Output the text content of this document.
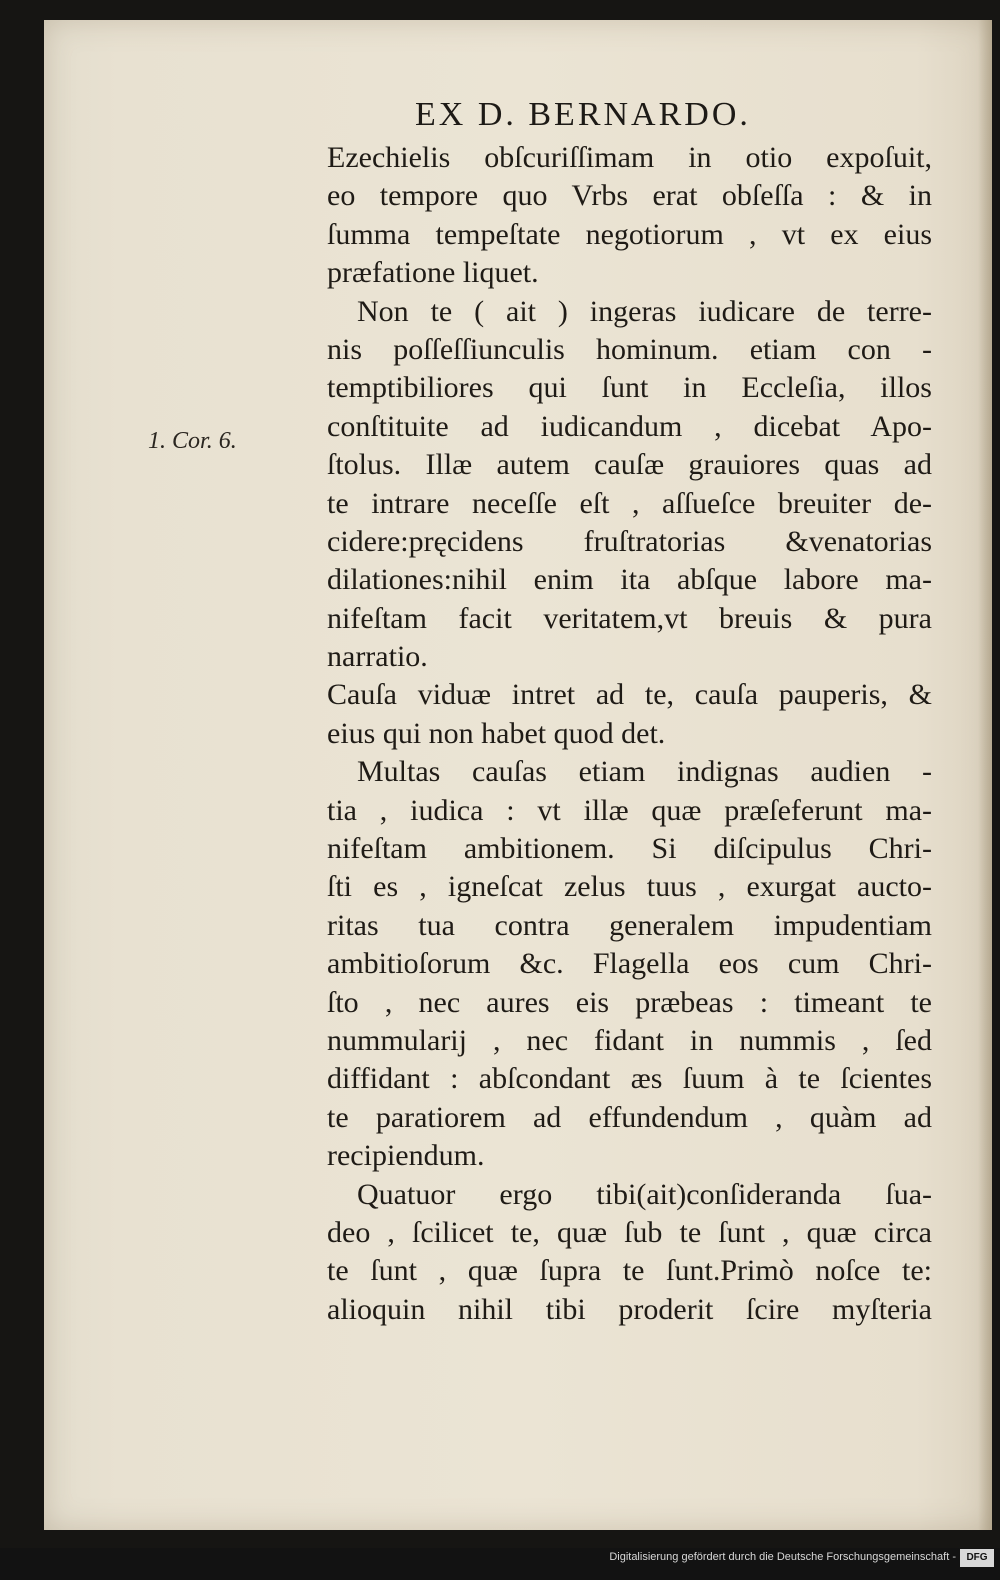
EX D. BERNARDO.
1. Cor. 6.
Ezechielis obſcuriſſimam in otio expoſuit,
eo tempore quo Vrbs erat obſeſſa : & in
ſumma tempeſtate negotiorum , vt ex eius
præfatione liquet.
Non te ( ait ) ingeras iudicare de terre-
nis poſſeſſiunculis hominum. etiam con -
temptibiliores qui ſunt in Eccleſia, illos
conſtituite ad iudicandum , dicebat Apo-
ſtolus. Illæ autem cauſæ grauiores quas ad
te intrare neceſſe eſt , aſſueſce breuiter de-
cidere:pręcidens fruſtratorias &venatorias
dilationes:nihil enim ita abſque labore ma-
nifeſtam facit veritatem,vt breuis & pura
narratio.
Cauſa viduæ intret ad te, cauſa pauperis, &
eius qui non habet quod det.
Multas cauſas etiam indignas audien -
tia , iudica : vt illæ quæ præſeferunt ma-
nifeſtam ambitionem. Si diſcipulus Chri-
ſti es , igneſcat zelus tuus , exurgat auctо-
ritas tua contra generalem impudentiam
ambitioſorum &c. Flagella eos cum Chri-
ſto , nec aures eis præbeas : timeant te
nummularij , nec fidant in nummis , ſed
diffidant : abſcondant æs ſuum à te ſcientes
te paratiorem ad effundendum , quàm ad
recipiendum.
Quatuor ergo tibi(ait)conſideranda ſua-
deo , ſcilicet te, quæ ſub te ſunt , quæ circa
te ſunt , quæ ſupra te ſunt.Primò noſce te:
alioquin nihil tibi proderit ſcire myſteria
Digitalisierung gefördert durch die Deutsche Forschungsgemeinschaft -	DFG
